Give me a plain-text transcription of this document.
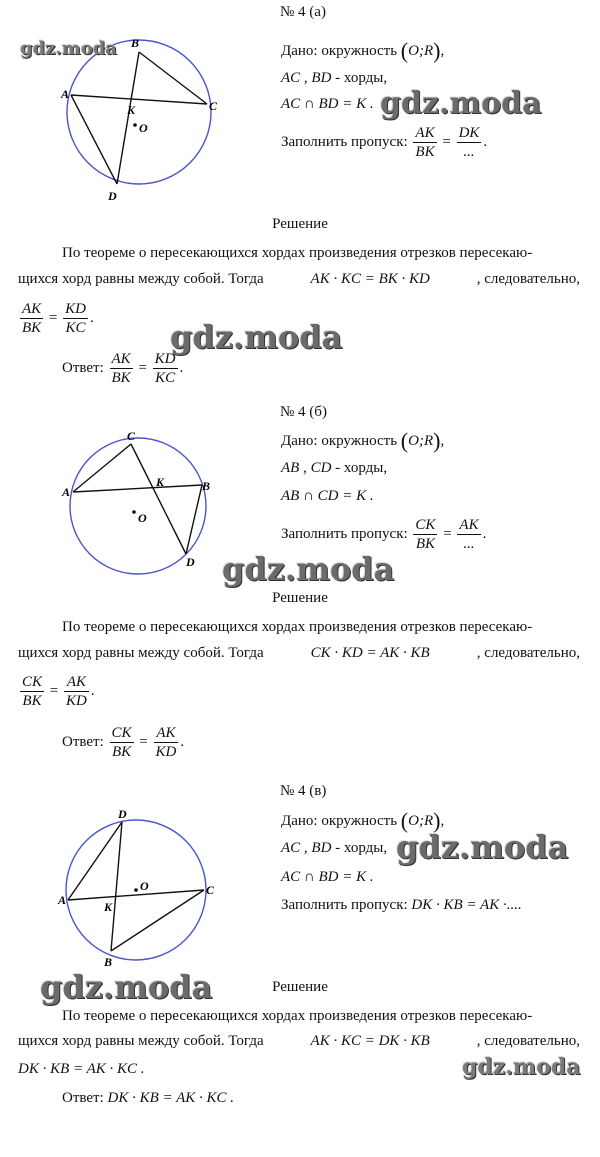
№ 4 (а)
A
B
C
D
K
O
Дано: окружность (O;R),
AC , BD - хорды,
AC ∩ BD = K .
Заполнить пропуск: $\frac{AK}{BK} = \frac{DK}{...}$ .
Решение
По теореме о пересекающихся хордах произведения отрезков пересекаю-
щихся хорд равны между собой. Тогда	AK · KC = BK · KD	, следовательно,
$\frac{AK}{BK} = \frac{KD}{KC}$ .
Ответ: $\frac{AK}{BK} = \frac{KD}{KC}$ .
№ 4 (б)
A	B
C
D
K
O
Дано: окружность (O;R),
AB , CD - хорды,
AB ∩ CD = K .
Заполнить пропуск: $\frac{CK}{BK} = \frac{AK}{...}$ .
Решение
По теореме о пересекающихся хордах произведения отрезков пересекаю-
щихся хорд равны между собой. Тогда	CK · KD = AK · KB	, следовательно,
$\frac{CK}{BK} = \frac{AK}{KD}$ .
Ответ: $\frac{CK}{BK} = \frac{AK}{KD}$ .
№ 4 (в)
A
B
C
D
K
O
Дано: окружность (O;R),
AC , BD - хорды,
AC ∩ BD = K .
Заполнить пропуск: DK · KB = AK ·....
Решение
По теореме о пересекающихся хордах произведения отрезков пересекаю-
щихся хорд равны между собой. Тогда	AK · KC = DK · KB	, следовательно,
DK · KB = AK · KC .
Ответ: DK · KB = AK · KC .
gdz.moda
gdz.moda
gdz.moda
gdz.moda
gdz.moda
gdz.moda
gdz.moda
